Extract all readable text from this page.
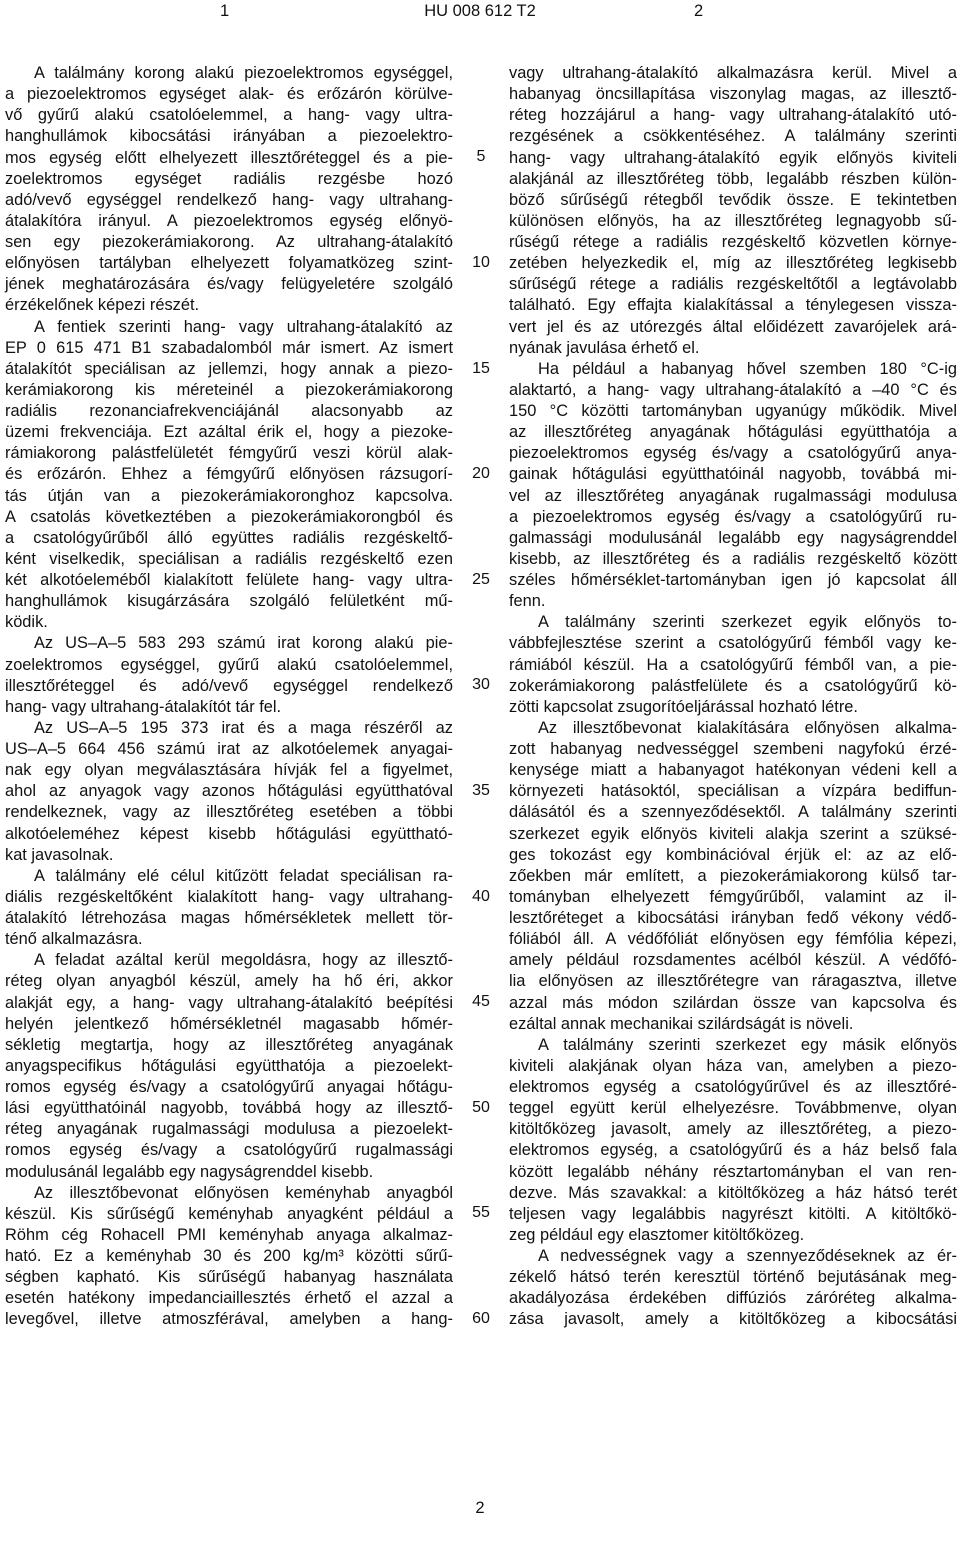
1	HU 008 612 T2	2

A találmány korong alakú piezoelektromos egységgel,

a piezoelektromos egységet alak- és erőzárón körülve-

vő gyűrű alakú csatolóelemmel, a hang- vagy ultra-

hanghullámok kibocsátási irányában a piezoelektro-

mos egység előtt elhelyezett illesztőréteggel és a pie-

zoelektromos egységet radiális rezgésbe hozó

adó/vevő egységgel rendelkező hang- vagy ultrahang-

átalakítóra irányul. A piezoelektromos egység előnyö-

sen egy piezokerámiakorong. Az ultrahang-átalakító

előnyösen tartályban elhelyezett folyamatközeg szint-

jének meghatározására és/vagy felügyeletére szolgáló

érzékelőnek képezi részét.

A fentiek szerinti hang- vagy ultrahang-átalakító az

EP 0 615 471 B1 szabadalomból már ismert. Az ismert

átalakítót speciálisan az jellemzi, hogy annak a piezo-

kerámiakorong kis méreteinél a piezokerámiakorong

radiális rezonanciafrekvenciájánál alacsonyabb az

üzemi frekvenciája. Ezt azáltal érik el, hogy a piezoke-

rámiakorong palástfelületét fémgyűrű veszi körül alak-

és erőzárón. Ehhez a fémgyűrű előnyösen rázsugorí-

tás útján van a piezokerámiakoronghoz kapcsolva.

A csatolás következtében a piezokerámiakorongból és

a csatológyűrűből álló együttes radiális rezgéskeltő-

ként viselkedik, speciálisan a radiális rezgéskeltő ezen

két alkotóeleméből kialakított felülete hang- vagy ultra-

hanghullámok kisugárzására szolgáló felületként mű-

ködik.

Az US–A–5 583 293 számú irat korong alakú pie-

zoelektromos egységgel, gyűrű alakú csatolóelemmel,

illesztőréteggel és adó/vevő egységgel rendelkező

hang- vagy ultrahang-átalakítót tár fel.

Az US–A–5 195 373 irat és a maga részéről az

US–A–5 664 456 számú irat az alkotóelemek anyagai-

nak egy olyan megválasztására hívják fel a figyelmet,

ahol az anyagok vagy azonos hőtágulási együtthatóval

rendelkeznek, vagy az illesztőréteg esetében a többi

alkotóeleméhez képest kisebb hőtágulási együttható-

kat javasolnak.

A találmány elé célul kitűzött feladat speciálisan ra-

diális rezgéskeltőként kialakított hang- vagy ultrahang-

átalakító létrehozása magas hőmérsékletek mellett tör-

ténő alkalmazásra.

A feladat azáltal kerül megoldásra, hogy az illesztő-

réteg olyan anyagból készül, amely ha hő éri, akkor

alakját egy, a hang- vagy ultrahang-átalakító beépítési

helyén jelentkező hőmérsékletnél magasabb hőmér-

sékletig megtartja, hogy az illesztőréteg anyagának

anyagspecifikus hőtágulási együtthatója a piezoelekt-

romos egység és/vagy a csatológyűrű anyagai hőtágu-

lási együtthatóinál nagyobb, továbbá hogy az illesztő-

réteg anyagának rugalmassági modulusa a piezoelekt-

romos egység és/vagy a csatológyűrű rugalmassági

modulusánál legalább egy nagyságrenddel kisebb.

Az illesztőbevonat előnyösen keményhab anyagból

készül. Kis sűrűségű keményhab anyagként például a

Röhm cég Rohacell PMI keményhab anyaga alkalmaz-

ható. Ez a keményhab 30 és 200 kg/m³ közötti sűrű-

ségben kapható. Kis sűrűségű habanyag használata

esetén hatékony impedanciaillesztés érhető el azzal a

levegővel, illetve atmoszférával, amelyben a hang-

5
10
15
20
25
30
35
40
45
50
55
60

vagy ultrahang-átalakító alkalmazásra kerül. Mivel a

habanyag öncsillapítása viszonylag magas, az illesztő-

réteg hozzájárul a hang- vagy ultrahang-átalakító utó-

rezgésének a csökkentéséhez. A találmány szerinti

hang- vagy ultrahang-átalakító egyik előnyös kiviteli

alakjánál az illesztőréteg több, legalább részben külön-

böző sűrűségű rétegből tevődik össze. E tekintetben

különösen előnyös, ha az illesztőréteg legnagyobb sű-

rűségű rétege a radiális rezgéskeltő közvetlen környe-

zetében helyezkedik el, míg az illesztőréteg legkisebb

sűrűségű rétege a radiális rezgéskeltőtől a legtávolabb

található. Egy effajta kialakítással a ténylegesen vissza-

vert jel és az utórezgés által előidézett zavarójelek ará-

nyának javulása érhető el.

Ha például a habanyag hővel szemben 180 °C-ig

alaktartó, a hang- vagy ultrahang-átalakító a –40 °C és

150 °C közötti tartományban ugyanúgy működik. Mivel

az illesztőréteg anyagának hőtágulási együtthatója a

piezoelektromos egység és/vagy a csatológyűrű anya-

gainak hőtágulási együtthatóinál nagyobb, továbbá mi-

vel az illesztőréteg anyagának rugalmassági modulusa

a piezoelektromos egység és/vagy a csatológyűrű ru-

galmassági modulusánál legalább egy nagyságrenddel

kisebb, az illesztőréteg és a radiális rezgéskeltő között

széles hőmérséklet-tartományban igen jó kapcsolat áll

fenn.

A találmány szerinti szerkezet egyik előnyös to-

vábbfejlesztése szerint a csatológyűrű fémből vagy ke-

rámiából készül. Ha a csatológyűrű fémből van, a pie-

zokerámiakorong palástfelülete és a csatológyűrű kö-

zötti kapcsolat zsugorítóeljárással hozható létre.

Az illesztőbevonat kialakítására előnyösen alkalma-

zott habanyag nedvességgel szembeni nagyfokú érzé-

kenysége miatt a habanyagot hatékonyan védeni kell a

környezeti hatásoktól, speciálisan a vízpára bediffun-

dálásától és a szennyeződésektől. A találmány szerinti

szerkezet egyik előnyös kiviteli alakja szerint a szüksé-

ges tokozást egy kombinációval érjük el: az az elő-

zőekben már említett, a piezokerámiakorong külső tar-

tományban elhelyezett fémgyűrűből, valamint az il-

lesztőréteget a kibocsátási irányban fedő vékony védő-

fóliából áll. A védőfóliát előnyösen egy fémfólia képezi,

amely például rozsdamentes acélból készül. A védőfó-

lia előnyösen az illesztőrétegre van ráragasztva, illetve

azzal más módon szilárdan össze van kapcsolva és

ezáltal annak mechanikai szilárdságát is növeli.

A találmány szerinti szerkezet egy másik előnyös

kiviteli alakjának olyan háza van, amelyben a piezo-

elektromos egység a csatológyűrűvel és az illesztőré-

teggel együtt kerül elhelyezésre. Továbbmenve, olyan

kitöltőközeg javasolt, amely az illesztőréteg, a piezo-

elektromos egység, a csatológyűrű és a ház belső fala

között legalább néhány résztartományban el van ren-

dezve. Más szavakkal: a kitöltőközeg a ház hátsó terét

teljesen vagy legalábbis nagyrészt kitölti. A kitöltőkö-

zeg például egy elasztomer kitöltőközeg.

A nedvességnek vagy a szennyeződéseknek az ér-

zékelő hátsó terén keresztül történő bejutásának meg-

akadályozása érdekében diffúziós záróréteg alkalma-

zása javasolt, amely a kitöltőközeg a kibocsátási

2
